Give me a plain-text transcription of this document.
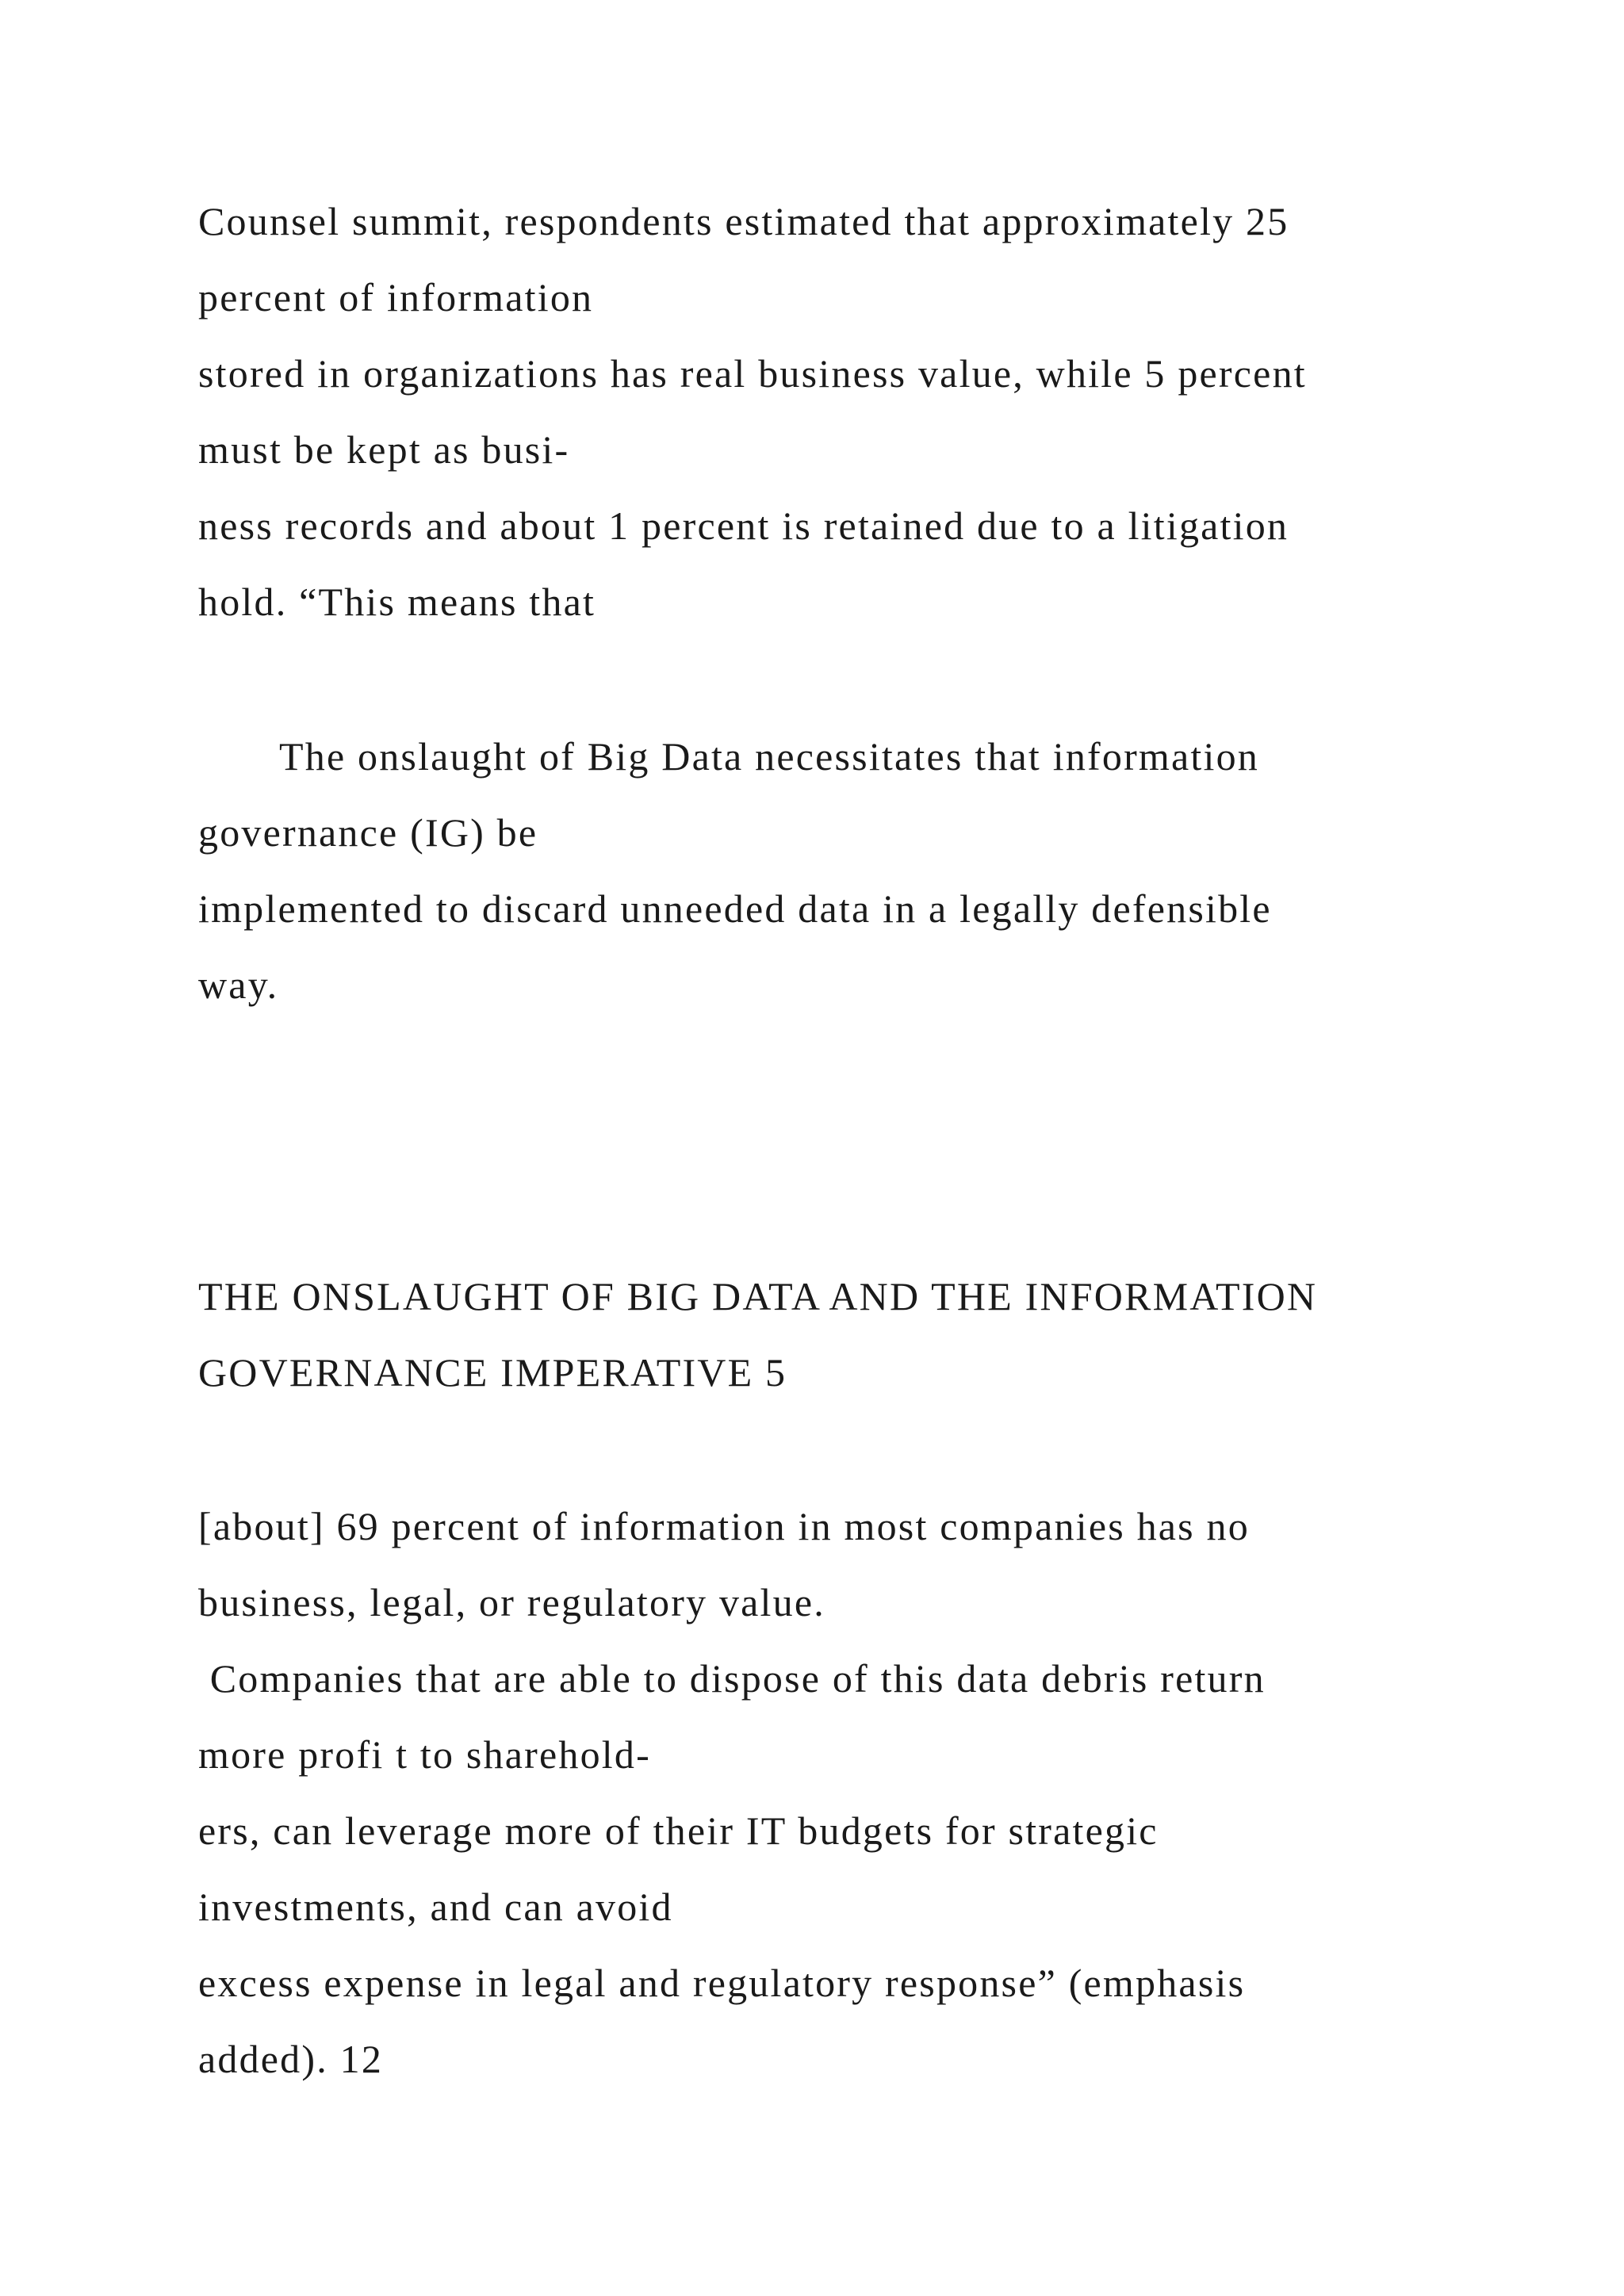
Counsel summit, respondents estimated that approximately 25

percent of information

stored in organizations has real business value, while 5 percent

must be kept as busi-

ness records and about 1 percent is retained due to a litigation

hold. “This means that

The onslaught of Big Data necessitates that information

governance (IG) be

implemented to discard unneeded data in a legally defensible

way.

THE ONSLAUGHT OF BIG DATA AND THE INFORMATION

GOVERNANCE IMPERATIVE 5

[about] 69 percent of information in most companies has no

business, legal, or regulatory value.

Companies that are able to dispose of this data debris return

more profi t to sharehold-

ers, can leverage more of their IT budgets for strategic

investments, and can avoid

excess expense in legal and regulatory response” (emphasis

added). 12
